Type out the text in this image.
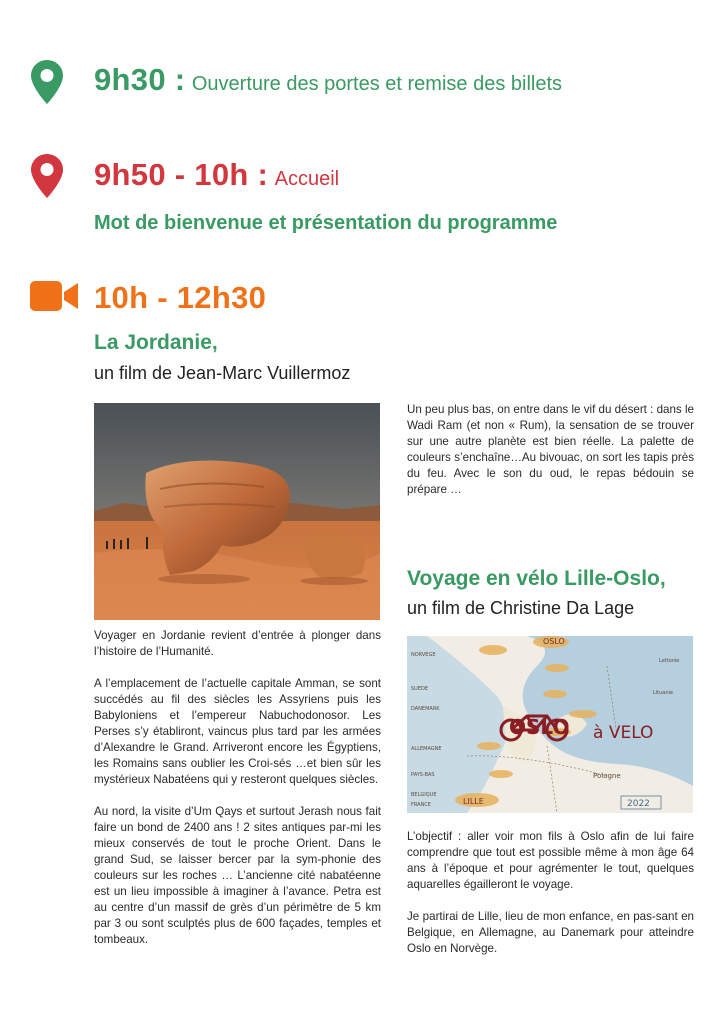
9h30 : Ouverture des portes et remise des billets
9h50 - 10h : Accueil
Mot de bienvenue et présentation du programme
10h - 12h30
La Jordanie,
un film de Jean-Marc Vuillermoz

Voyager en Jordanie revient d’entrée à plonger dans l’histoire de l’Humanité.

A l’emplacement de l’actuelle capitale Amman, se sont succédés au fil des siècles les Assyriens puis les Babyloniens et l’empereur Nabuchodonosor. Les Perses s’y établiront, vaincus plus tard par les armées d’Alexandre le Grand. Arriveront encore les Égyptiens, les Romains sans oublier les Croi-sés …et bien sûr les mystérieux Nabatéens qui y resteront quelques siècles.

Au nord, la visite d’Um Qays et surtout Jerash nous fait faire un bond de 2400 ans ! 2 sites antiques par-mi les mieux conservés de tout le proche Orient. Dans le grand Sud, se laisser bercer par la sym-phonie des couleurs sur les roches … L’ancienne cité nabatéenne est un lieu impossible à imaginer à l’avance. Petra est au centre d’un massif de grès d’un périmètre de 5 km par 3 ou sont sculptés plus de 600 façades, temples et tombeaux.

Un peu plus bas, on entre dans le vif du désert : dans le Wadi Ram (et non « Rum), la sensation de se trouver sur une autre planète est bien réelle. La palette de couleurs s’enchaîne…Au bivouac, on sort les tapis près du feu. Avec le son du oud, le repas bédouin se prépare …

Voyage en vélo Lille-Oslo,
un film de Christine Da Lage
NORVEGE
SUEDE
DANEMARK
ALLEMAGNE
PAYS-BAS
BELGIQUE
FRANCE
Pologne
Lituanie
Lettonie
OSLO
OSLO à VELO
LILLE	2022

L’objectif : aller voir mon fils à Oslo afin de lui faire comprendre que tout est possible même à mon âge 64 ans à l’époque et pour agrémenter le tout, quelques aquarelles égailleront le voyage.

Je partirai de Lille, lieu de mon enfance, en pas-sant en Belgique, en Allemagne, au Danemark pour atteindre Oslo en Norvège.
